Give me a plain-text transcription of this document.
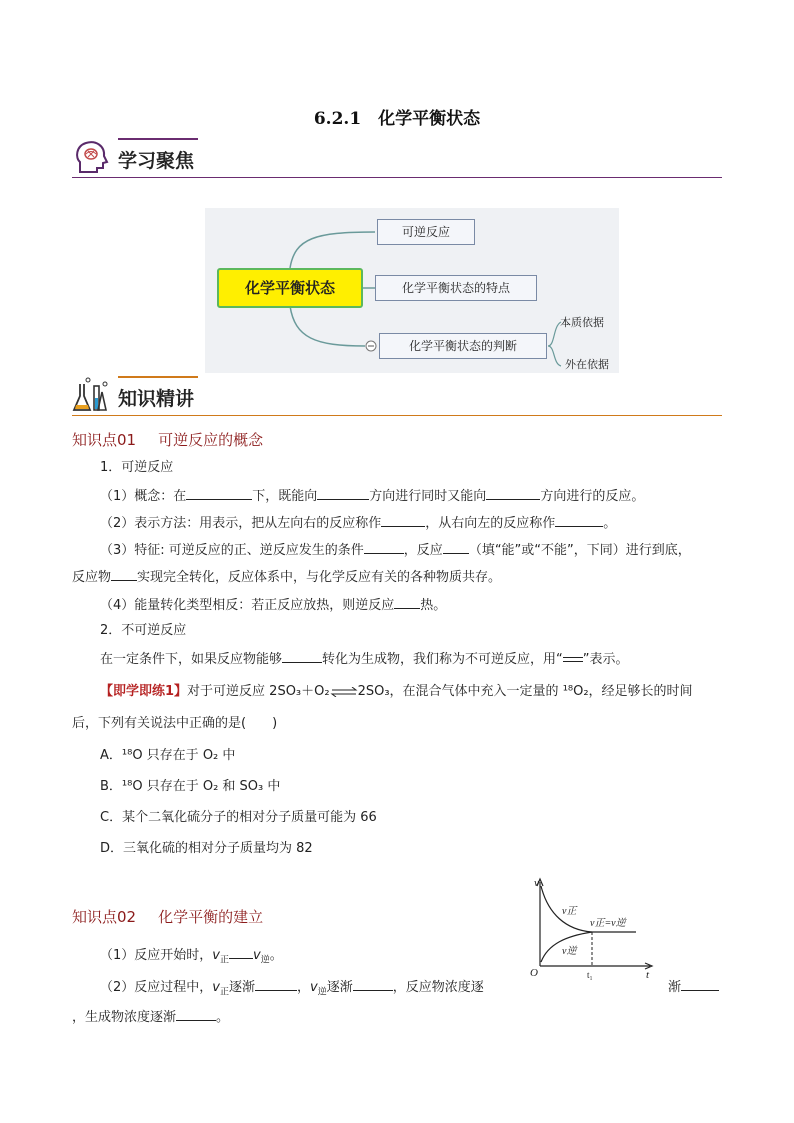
6.2.1　化学平衡状态
学习聚焦
化学平衡状态
可逆反应
化学平衡状态的特点
化学平衡状态的判断
本质依据
外在依据
知识精讲
知识点01 可逆反应的概念
1．可逆反应
（1）概念：在	下，既能向	方向进行同时又能向	方向进行的反应。
（2）表示方法：用表示，把从左向右的反应称作	，从右向左的反应称作	。
（3）特征: 可逆反应的正、逆反应发生的条件	，反应 （填“能”或“不能”，下同）进行到底，
反应物 实现完全转化，反应体系中，与化学反应有关的各种物质共存。
（4）能量转化类型相反：若正反应放热，则逆反应 热。
2．不可逆反应
在一定条件下，如果反应物能够	转化为生成物，我们称为不可逆反应，用“ ”表示。
【即学即练1】对于可逆反应 2SO₃＋O₂⇌2SO₃，在混合气体中充入一定量的 ¹⁸O₂，经足够长的时间
后，下列有关说法中正确的是(　　)
A．¹⁸O 只存在于 O₂ 中
B．¹⁸O 只存在于 O₂ 和 SO₃ 中
C．某个二氧化硫分子的相对分子质量可能为 66
D．三氧化硫的相对分子质量均为 82
知识点02 化学平衡的建立
（1）反应开始时，$v_正$ $v_逆$。
（2）反应过程中，$v_正$逐渐	，$v_逆$逐渐	，反应物浓度逐	渐
，生成物浓度逐渐	。
v
t
O	t₁
v正
v逆
v正=v逆
